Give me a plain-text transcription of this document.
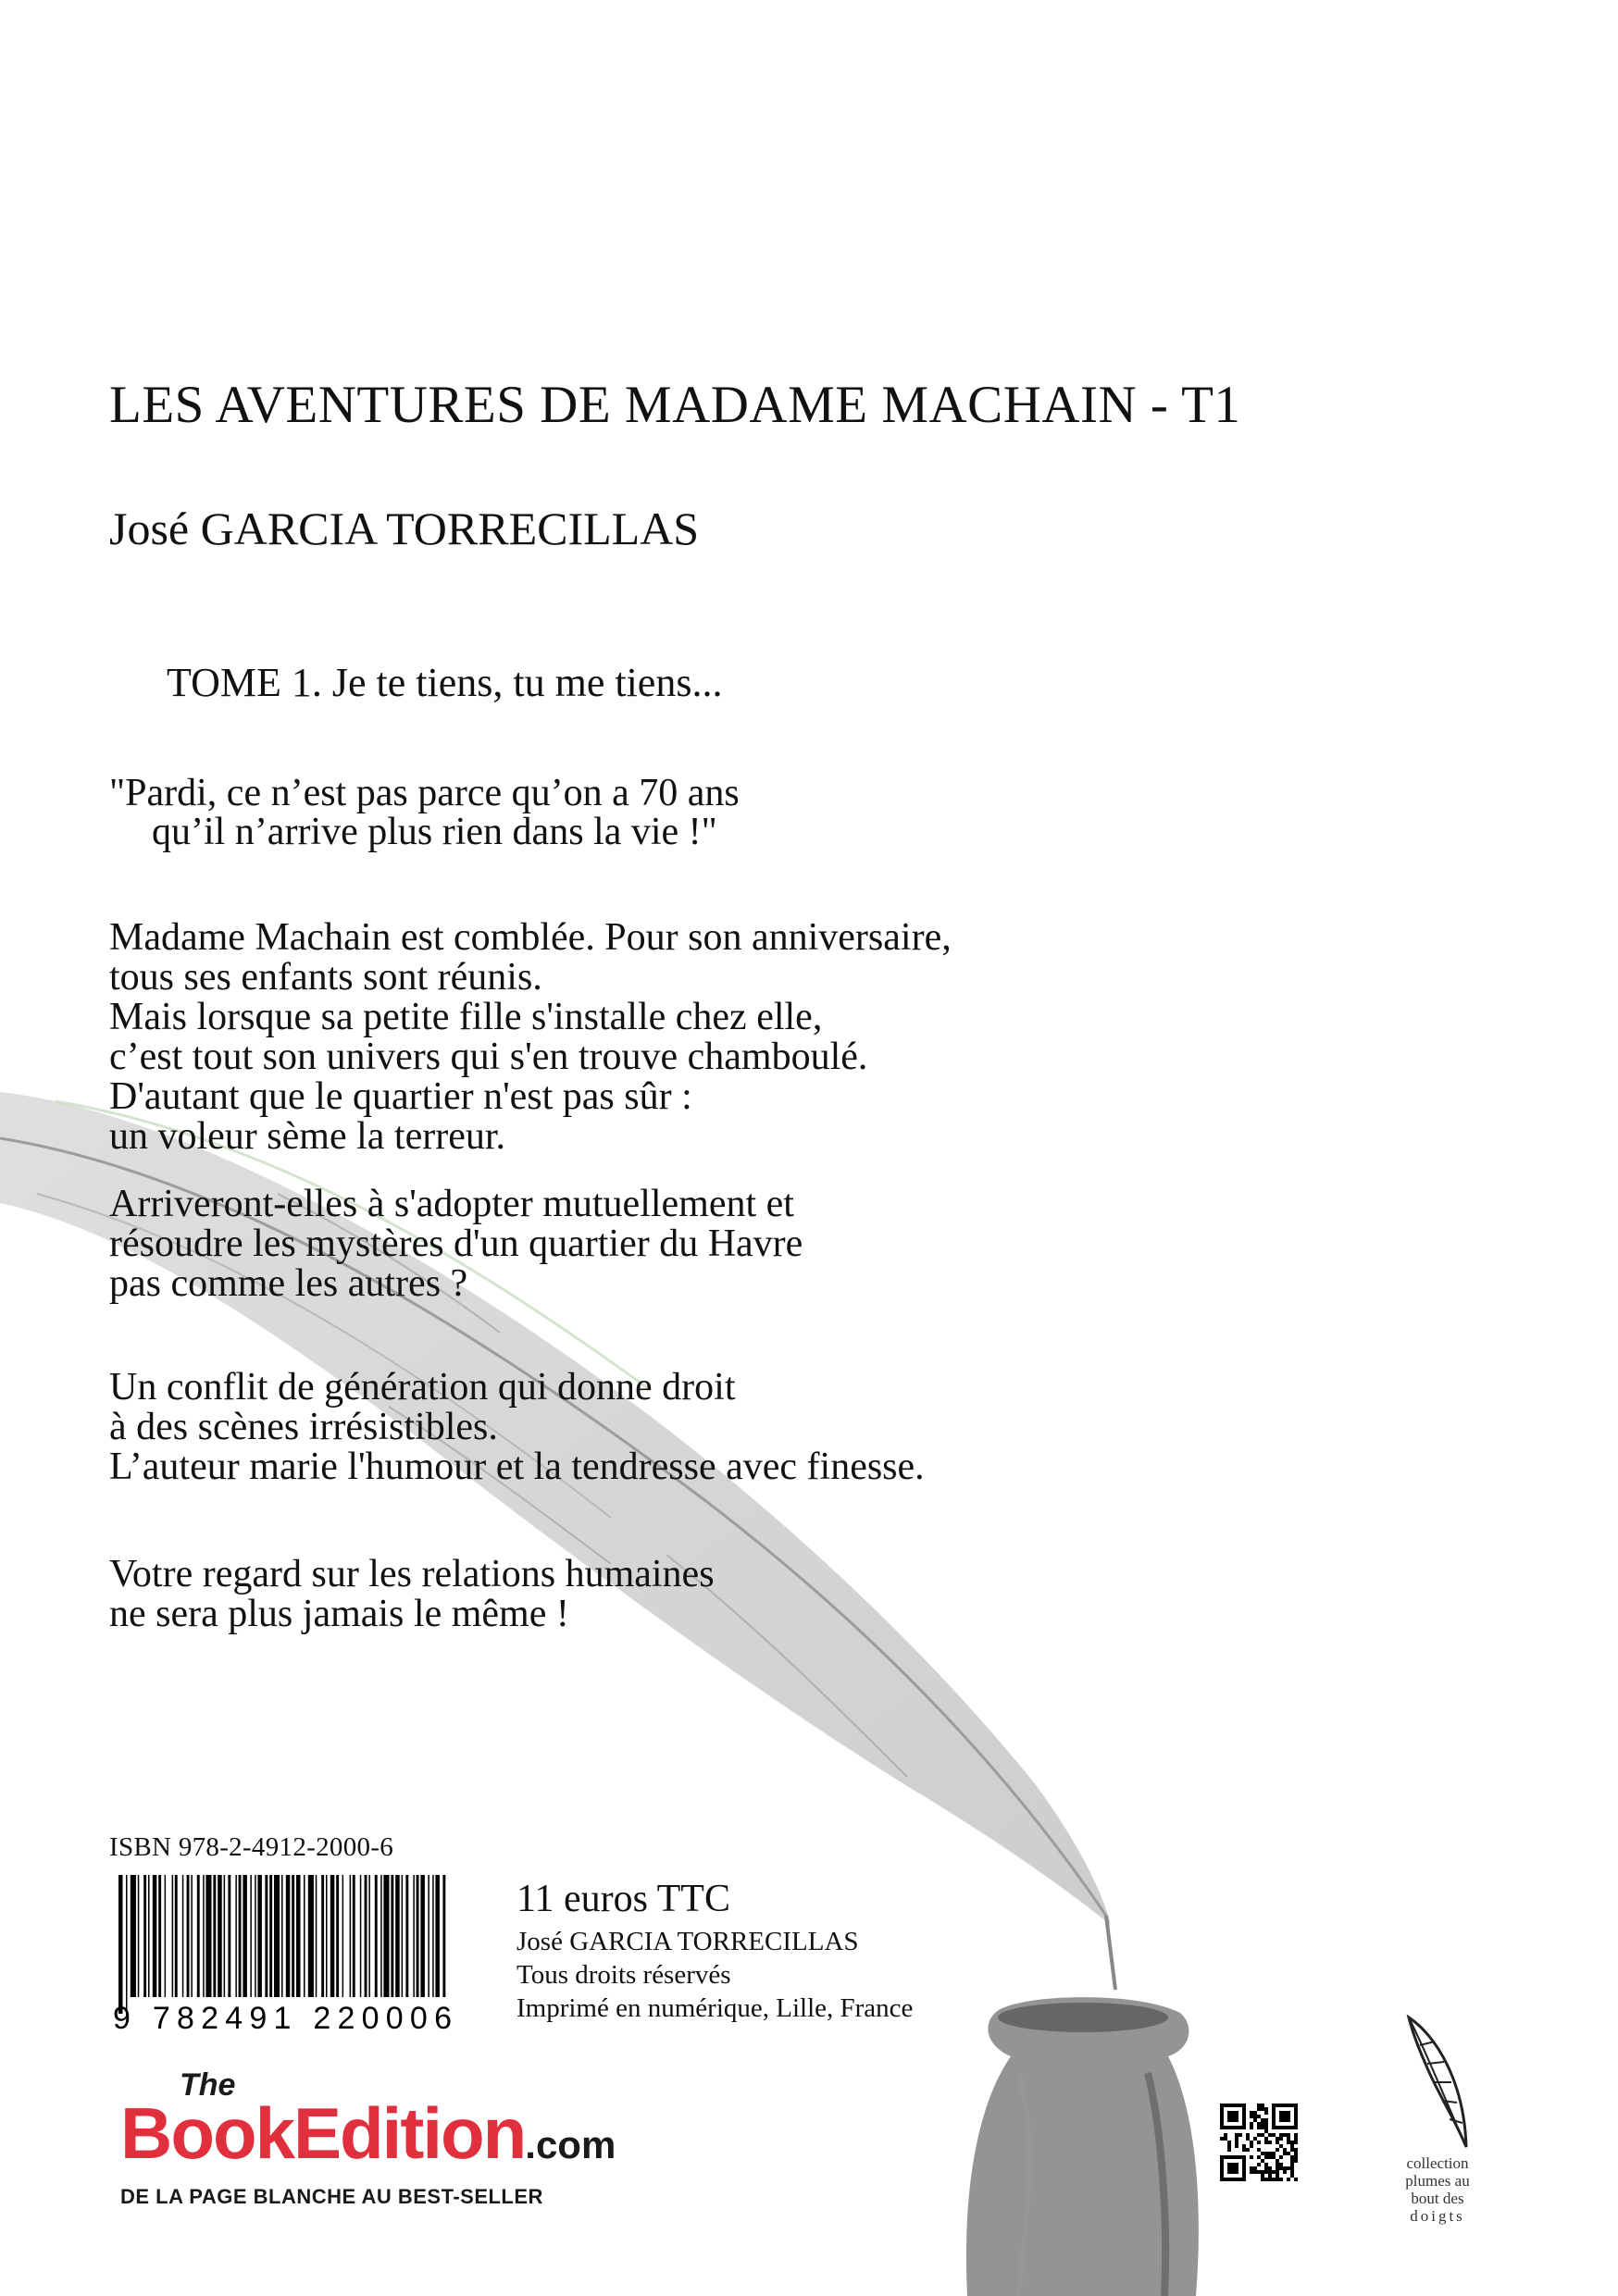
LES AVENTURES DE MADAME MACHAIN - T1
José GARCIA TORRECILLAS
TOME 1. Je te tiens, tu me tiens...
"Pardi, ce n’est pas parce qu’on a 70 ans
qu’il n’arrive plus rien dans la vie !"
Madame Machain est comblée. Pour son anniversaire,
tous ses enfants sont réunis.
Mais lorsque sa petite fille s'installe chez elle,
c’est tout son univers qui s'en trouve chamboulé.
D'autant que le quartier n'est pas sûr :
un voleur sème la terreur.
Arriveront-elles à s'adopter mutuellement et
résoudre les mystères d'un quartier du Havre
pas comme les autres ?
Un conflit de génération qui donne droit
à des scènes irrésistibles.
L’auteur marie l'humour et la tendresse avec finesse.
Votre regard sur les relations humaines
ne sera plus jamais le même !
ISBN 978-2-4912-2000-6
9 782491 220006
11 euros TTC
José GARCIA TORRECILLAS
Tous droits réservés
Imprimé en numérique, Lille, France
The
BookEdition.com
DE LA PAGE BLANCHE AU BEST-SELLER
collection
plumes au
bout des
doigts
